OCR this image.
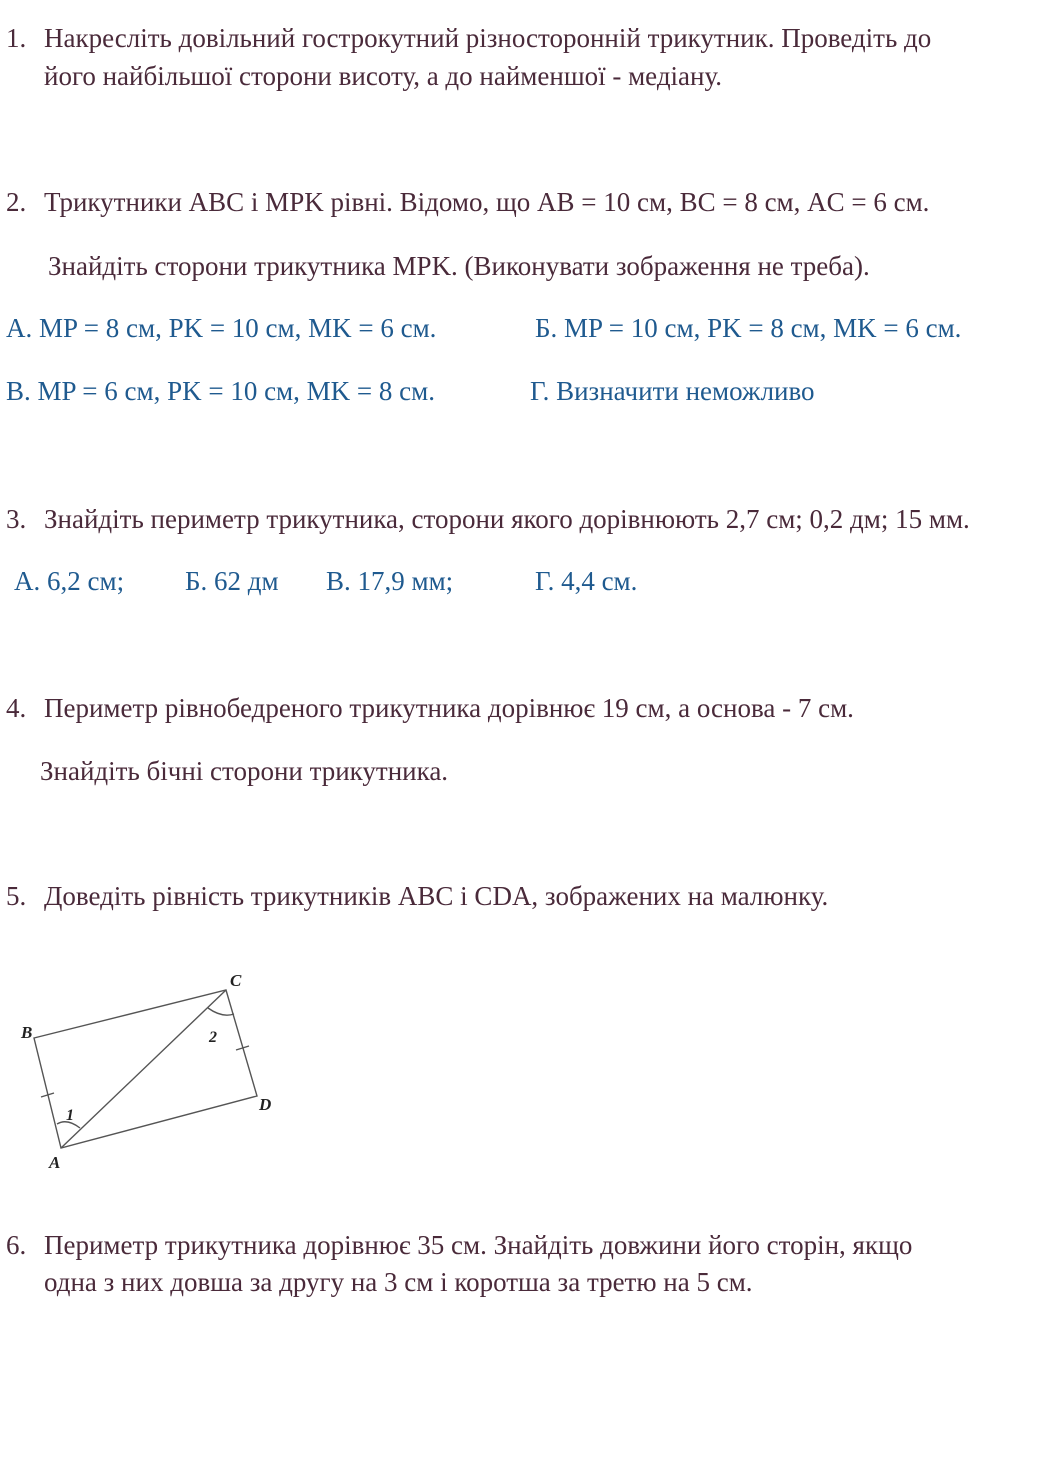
1. Накресліть довільний гострокутний різносторонній трикутник. Проведіть до
його найбільшої сторони висоту, а до найменшої - медіану.
2. Трикутники ABC і MPK рівні. Відомо, що AB = 10 см, BC = 8 см, AC = 6 см.
Знайдіть сторони трикутника MPK. (Виконувати зображення не треба).
А. MP = 8 см, PK = 10 см, MK = 6 см.	Б. MP = 10 см, PK = 8 см, MK = 6 см.
В. MP = 6 см, PK = 10 см, MK = 8 см.	Г. Визначити неможливо
3. Знайдіть периметр трикутника, сторони якого дорівнюють 2,7 см; 0,2 дм; 15 мм.
А. 6,2 см; Б. 62 дм В. 17,9 мм;	Г. 4,4 см.
4. Периметр рівнобедреного трикутника дорівнює 19 см, а основа - 7 см.
Знайдіть бічні сторони трикутника.
5. Доведіть рівність трикутників ABC і CDA, зображених на малюнку.
B
C
D
A
1
2
6. Периметр трикутника дорівнює 35 см. Знайдіть довжини його сторін, якщо
одна з них довша за другу на 3 см і коротша за третю на 5 см.
